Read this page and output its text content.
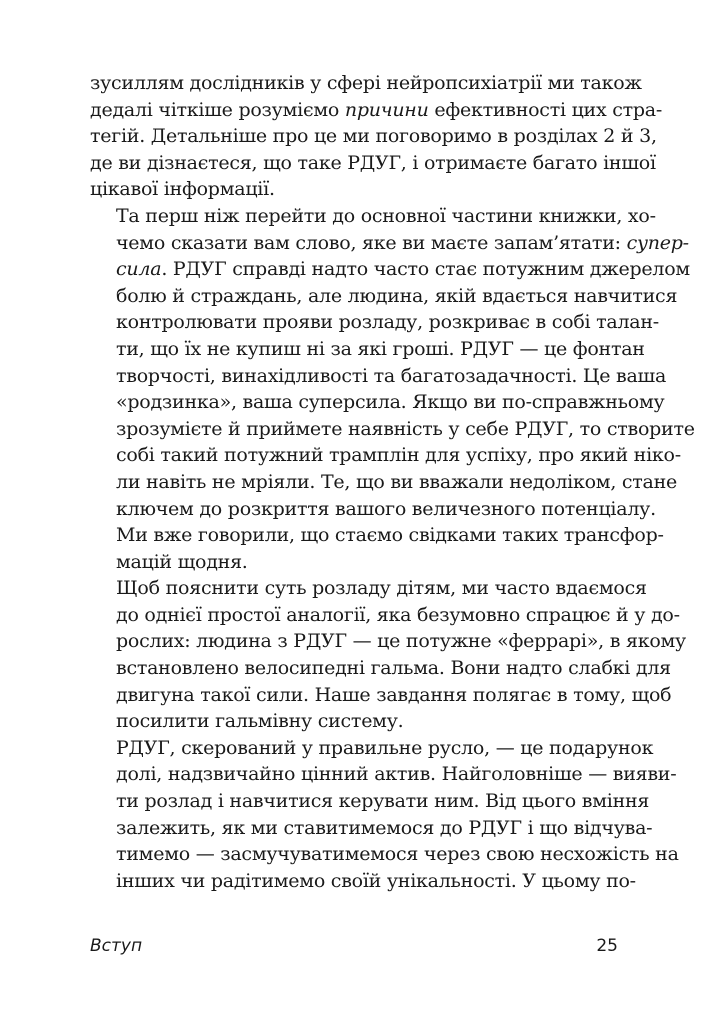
зусиллям дослідників у сфері нейропсихіатрії ми також
дедалі чіткіше розуміємо причини ефективності цих стра-
тегій. Детальніше про це ми поговоримо в розділах 2 й 3,
де ви дізнаєтеся, що таке РДУГ, і отримаєте багато іншої
цікавої інформації.

Та перш ніж перейти до основної частини книжки, хо-
чемо сказати вам слово, яке ви маєте запам’ятати: супер-
сила. РДУГ справді надто часто стає потужним джерелом
болю й страждань, але людина, якій вдається навчитися
контролювати прояви розладу, розкриває в собі талан-
ти, що їх не купиш ні за які гроші. РДУГ — це фонтан
творчості, винахідливості та багатозадачності. Це ваша
«родзинка», ваша суперсила. Якщо ви по-справжньому
зрозумієте й приймете наявність у себе РДУГ, то створите
собі такий потужний трамплін для успіху, про який ніко-
ли навіть не мріяли. Те, що ви вважали недоліком, стане
ключем до розкриття вашого величезного потенціалу.
Ми вже говорили, що стаємо свідками таких трансфор-
мацій щодня.

Щоб пояснити суть розладу дітям, ми часто вдаємося
до однієї простої аналогії, яка безумовно спрацює й у до-
рослих: людина з РДУГ — це потужне «феррарі», в якому
встановлено велосипедні гальма. Вони надто слабкі для
двигуна такої сили. Наше завдання полягає в тому, щоб
посилити гальмівну систему.

РДУГ, скерований у правильне русло, — це подарунок
долі, надзвичайно цінний актив. Найголовніше — вияви-
ти розлад і навчитися керувати ним. Від цього вміння
залежить, як ми ставитимемося до РДУГ і що відчува-
тимемо — засмучуватимемося через свою несхожість на
інших чи радітимемо своїй унікальності. У цьому по-

Вступ	25
